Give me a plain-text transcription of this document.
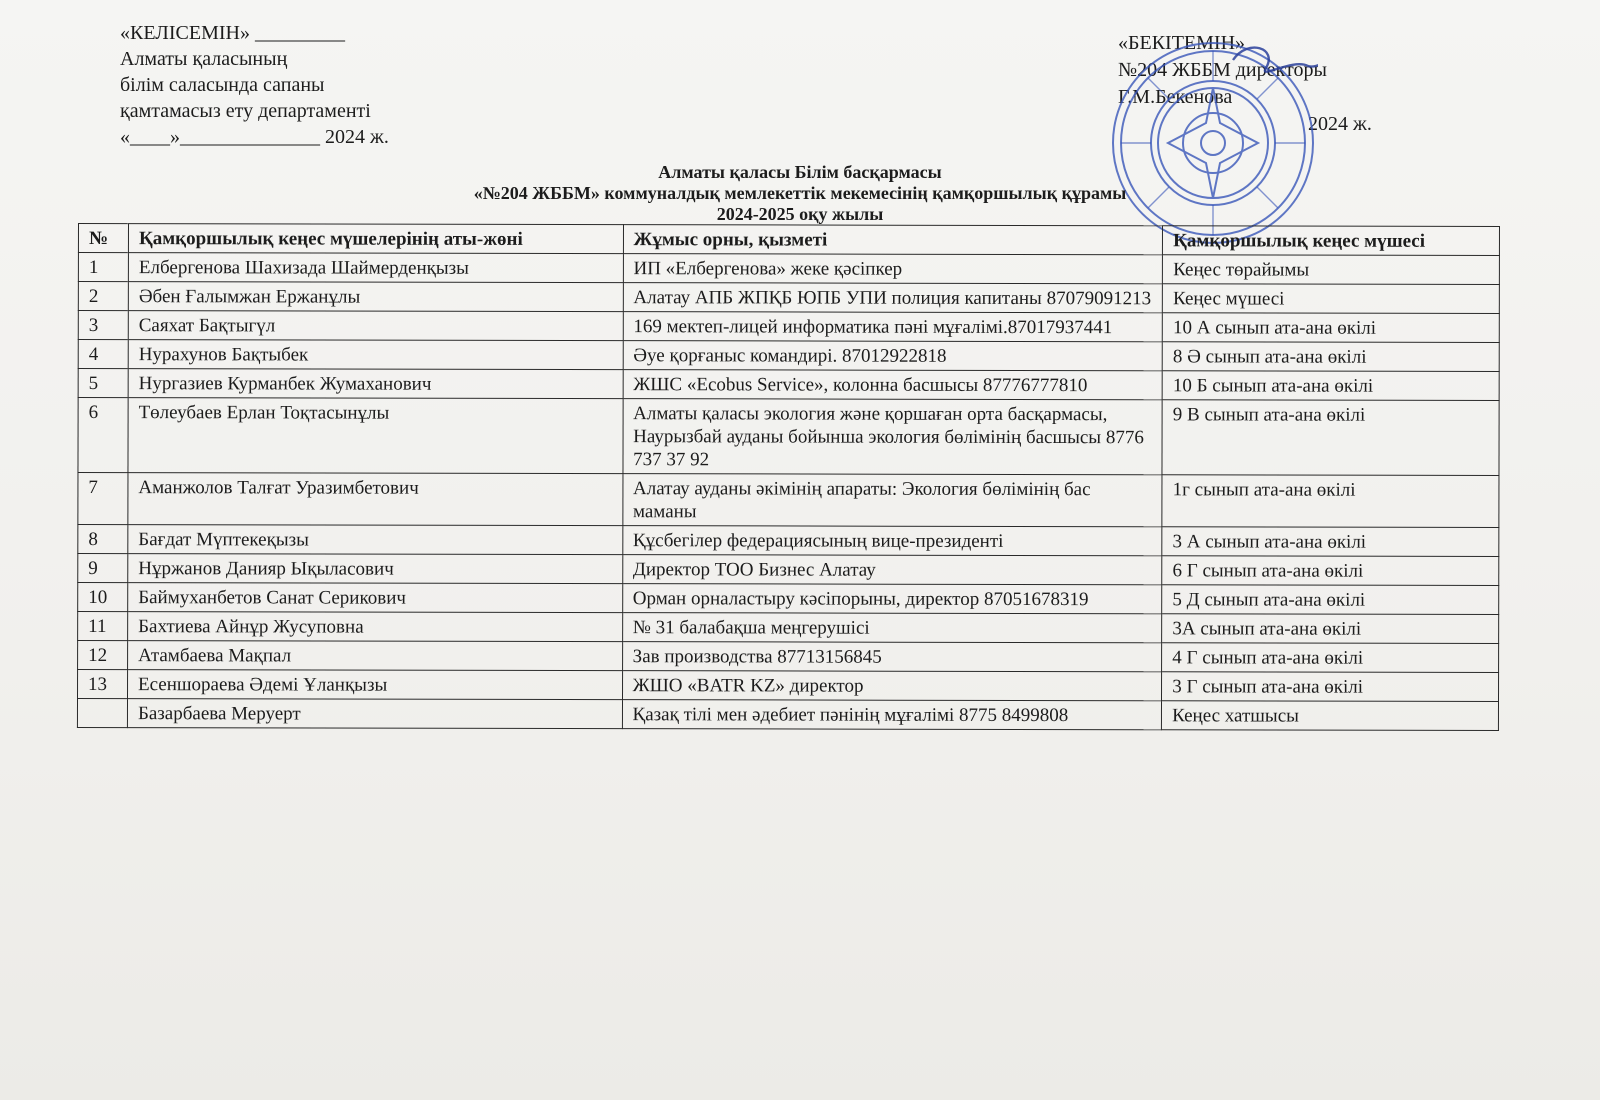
«КЕЛІСЕМІН» _________
Алматы қаласының
білім саласында сапаны
қамтамасыз ету департаменті
«____»______________ 2024 ж.
«БЕКІТЕМІН»
№204 ЖББМ директоры
Г.М.Бекенова
2024 ж.
Алматы қаласы Білім басқармасы
«№204 ЖББМ» коммуналдық мемлекеттік мекемесінің қамқоршылық құрамы
2024-2025 оқу жылы
№	Қамқоршылық кеңес мүшелерінің аты-жөні	Жұмыс орны, қызметі	Қамқоршылық кеңес мүшесі
1	Елбергенова Шахизада Шаймерденқызы	ИП «Елбергенова» жеке қәсіпкер	Кеңес төрайымы
2	Әбен Ғалымжан Ержанұлы	Алатау АПБ ЖПҚБ ЮПБ УПИ полиция капитаны 87079091213	Кеңес мүшесі
3	Саяхат Бақтыгүл	169 мектеп-лицей информатика пәні мұғалімі.87017937441	10 А сынып ата-ана өкілі
4	Нурахунов Бақтыбек	Әуе қорғаныс командирі. 87012922818	8 Ә сынып ата-ана өкілі
5	Нургазиев Курманбек Жумаханович	ЖШС «Ecobus Service», колонна басшысы 87776777810	10 Б сынып ата-ана өкілі
6	Төлеубаев Ерлан Тоқтасынұлы	Алматы қаласы экология және қоршаған орта басқармасы, Наурызбай ауданы бойынша экология бөлімінің басшысы 8776 737 37 92	9 В сынып ата-ана өкілі
7	Аманжолов Талғат Уразимбетович	Алатау ауданы әкімінің апараты: Экология бөлімінің бас маманы	1г сынып ата-ана өкілі
8	Бағдат Мүптекеқызы	Құсбегілер федерациясының вице-президенті	3 А сынып ата-ана өкілі
9	Нұржанов Данияр Ықыласович	Директор ТОО Бизнес Алатау	6 Г сынып ата-ана өкілі
10	Баймуханбетов Санат Серикович	Орман орналастыру кәсіпорыны, директор 87051678319	5 Д сынып ата-ана өкілі
11	Бахтиева Айнұр Жусуповна	№ 31 балабақша меңгерушісі	3А сынып ата-ана өкілі
12	Атамбаева Мақпал	Зав производства 87713156845	4 Г сынып ата-ана өкілі
13	Есеншораева Әдемі Ұланқызы	ЖШО «BATR KZ» директор	3 Г сынып ата-ана өкілі
	Базарбаева Меруерт	Қазақ тілі мен әдебиет пәнінің мұғалімі 8775 8499808	Кеңес хатшысы
